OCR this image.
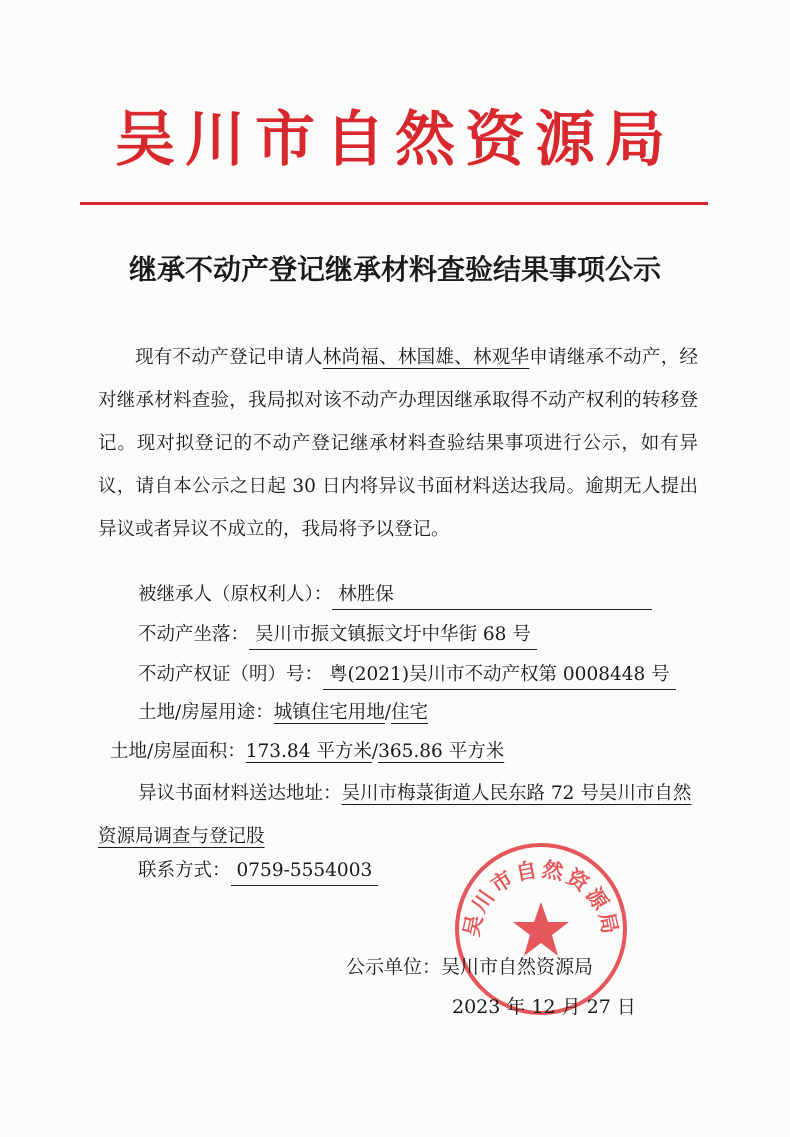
吴川市自然资源局
继承不动产登记继承材料查验结果事项公示
现有不动产登记申请人林尚福、林国雄、林观华申请继承不动产，经对继承材料查验，我局拟对该不动产办理因继承取得不动产权利的转移登记。现对拟登记的不动产登记继承材料查验结果事项进行公示，如有异议，请自本公示之日起 30 日内将异议书面材料送达我局。逾期无人提出异议或者异议不成立的，我局将予以登记。
被继承人（原权利人）： 林胜保
不动产坐落： 吴川市振文镇振文圩中华街 68 号
不动产权证（明）号： 粤(2021)吴川市不动产权第 0008448 号
土地/房屋用途：城镇住宅用地/住宅
土地/房屋面积：173.84 平方米/365.86 平方米
异议书面材料送达地址：吴川市梅菉街道人民东路 72 号吴川市自然资源局调查与登记股
联系方式： 0759-5554003
吴川市自然资源局
公示单位：吴川市自然资源局
2023 年 12 月 27 日
